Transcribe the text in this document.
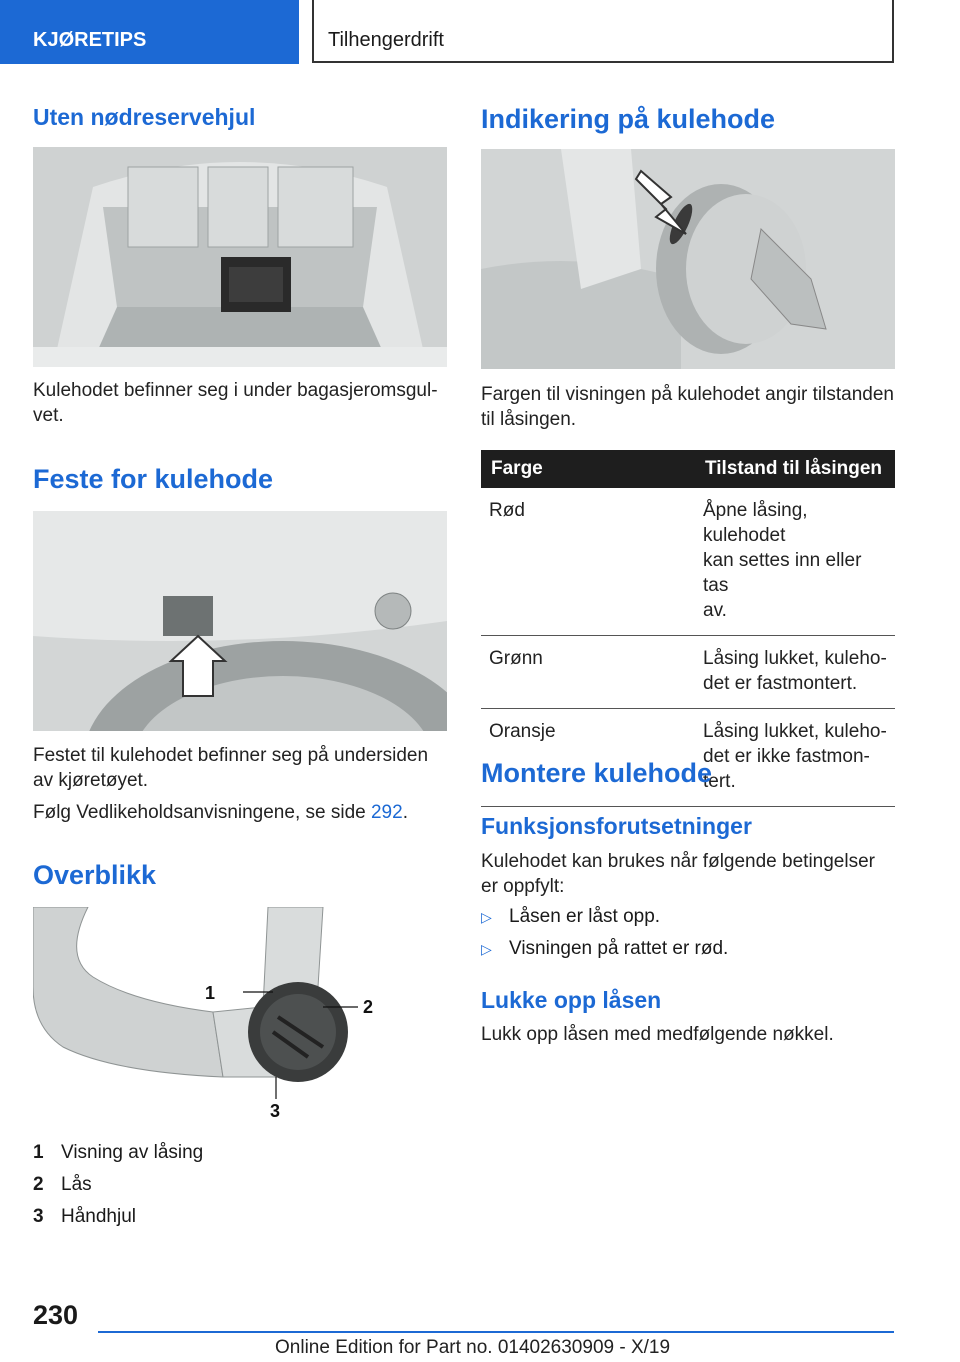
KJØRETIPS	Tilhengerdrift
Uten nødreservehjul

Kulehodet befinner seg i under bagasjeromsgul-
vet.

Feste for kulehode

Festet til kulehodet befinner seg på undersiden
av kjøretøyet.

Følg Vedlikeholdsanvisningene, se side 292.

Overblikk
1
2
3
1 Visning av låsing
2 Lås
3 Håndhjul
Indikering på kulehode

Fargen til visningen på kulehodet angir tilstanden
til låsingen.

Farge	Tilstand til låsingen
Rød	Åpne låsing, kulehodet
kan settes inn eller tas
av.
Grønn	Låsing lukket, kuleho-
det er fastmontert.
Oransje	Låsing lukket, kuleho-
det er ikke fastmon-
tert.
Montere kulehode
Funksjonsforutsetninger

Kulehodet kan brukes når følgende betingelser
er oppfylt:

▷ Låsen er låst opp.
▷ Visningen på rattet er rød.
Lukke opp låsen

Lukk opp låsen med medfølgende nøkkel.

230
Online Edition for Part no. 01402630909 - X/19
